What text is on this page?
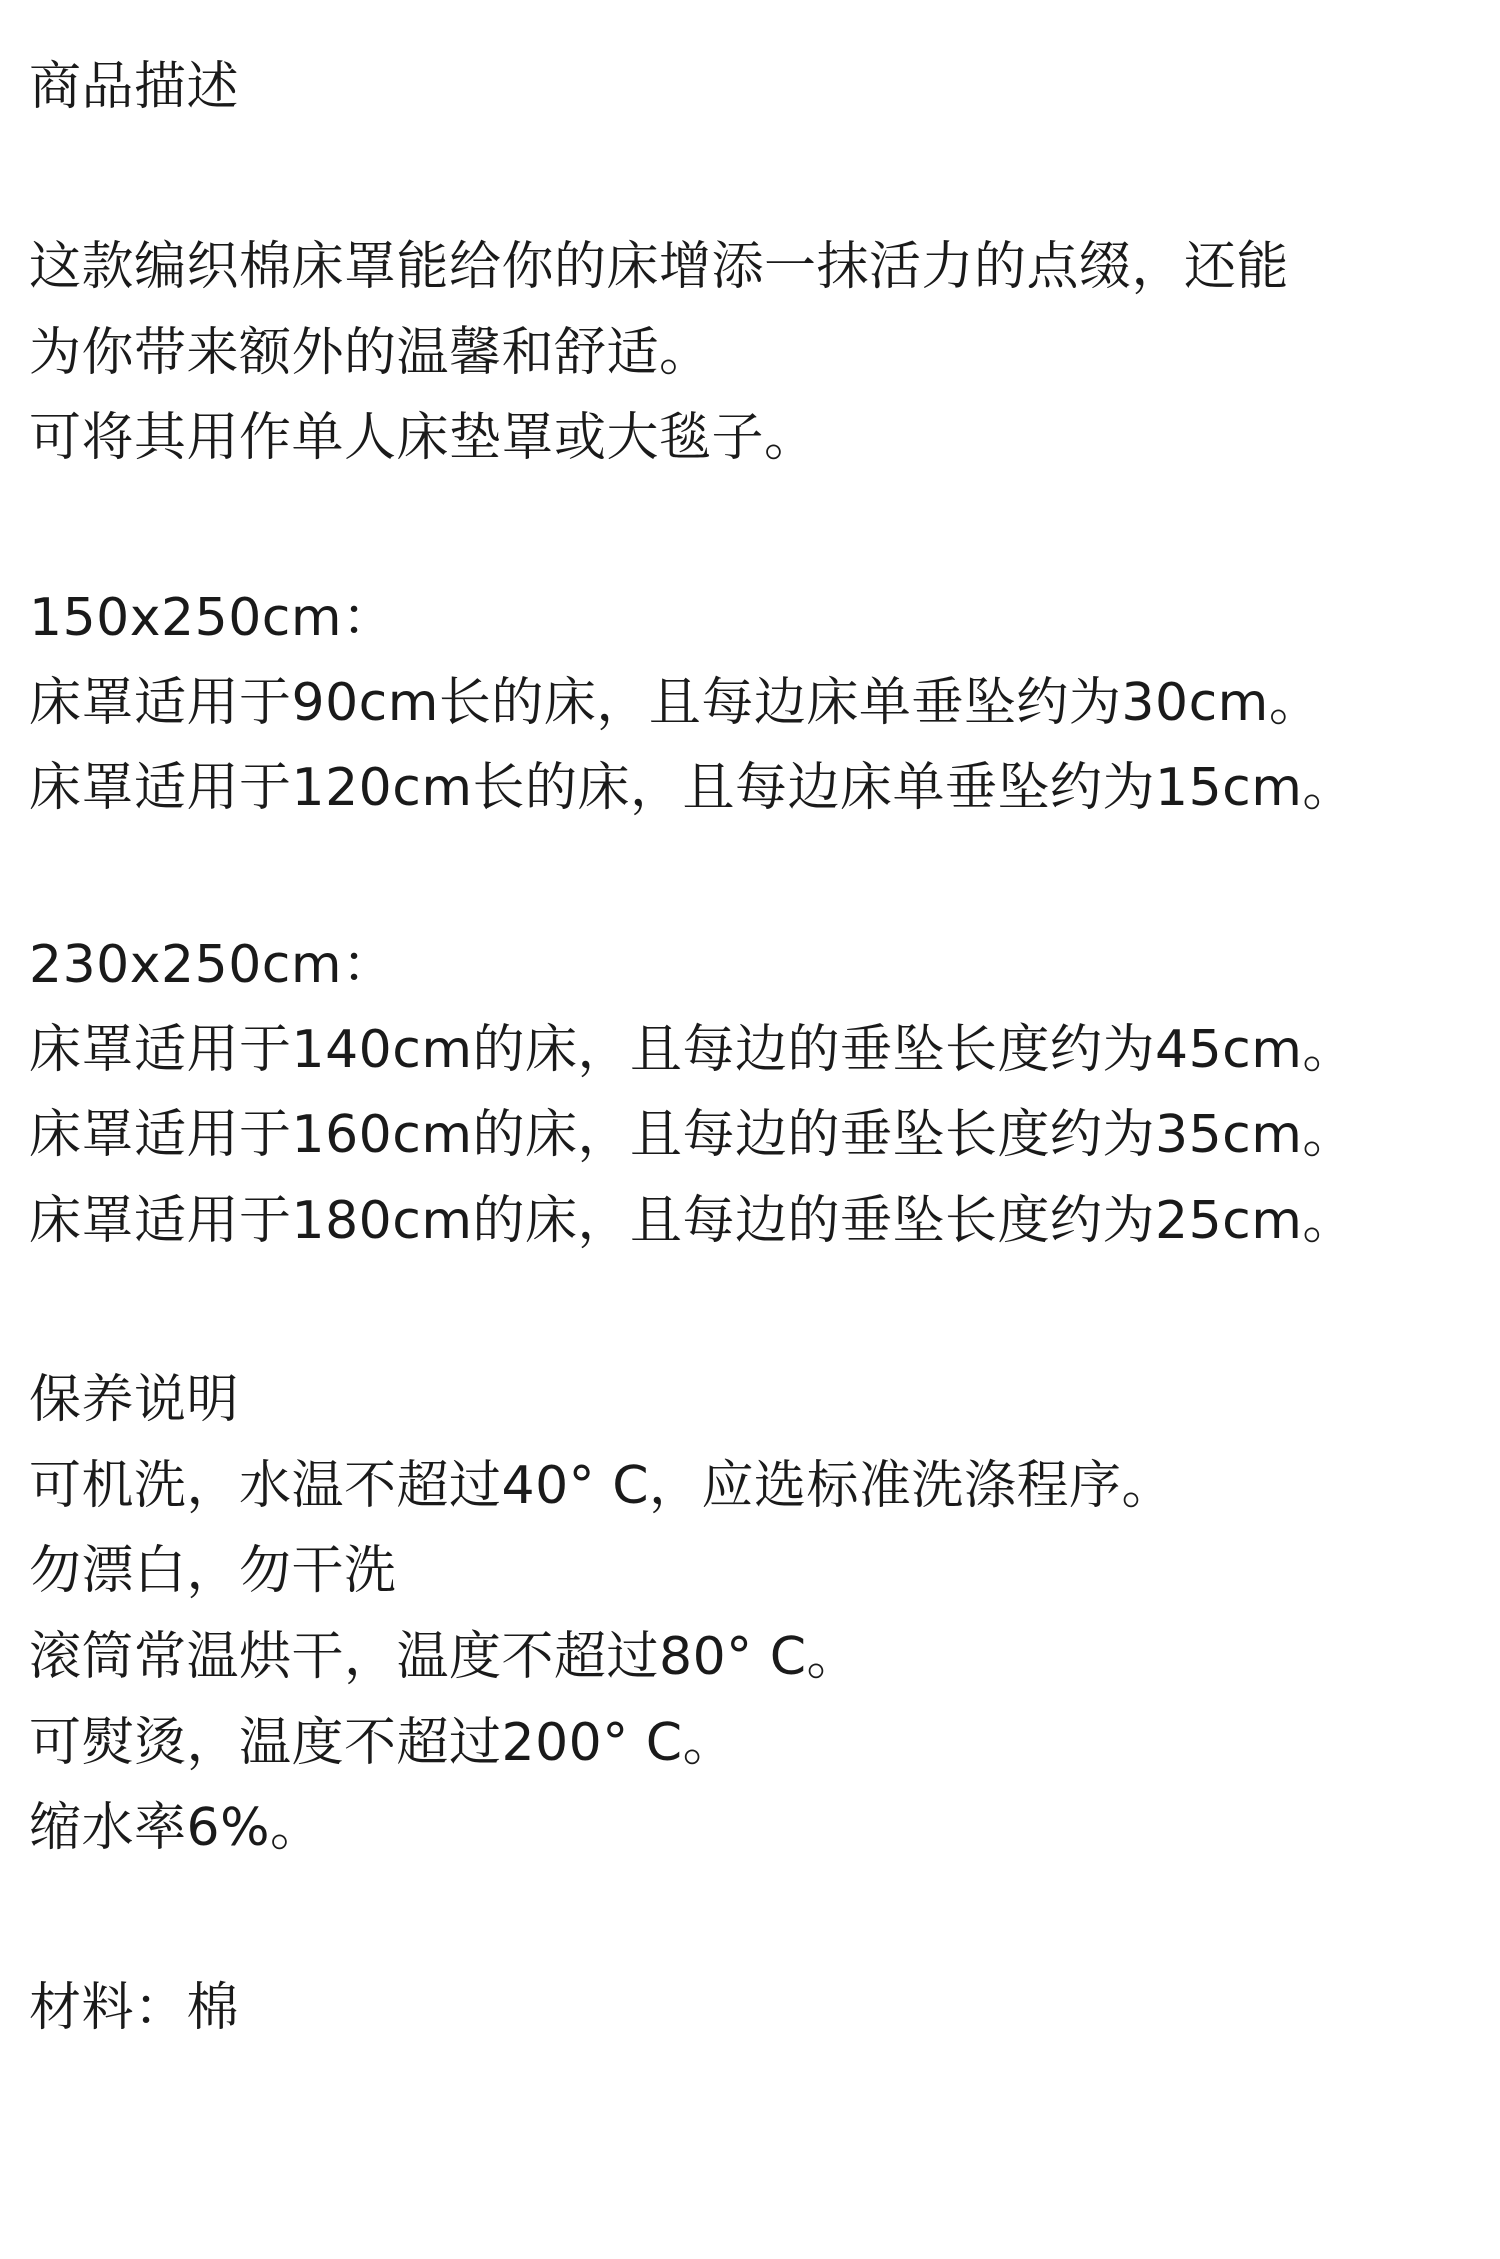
商品描述
这款编织棉床罩能给你的床增添一抹活力的点缀，还能
为你带来额外的温馨和舒适。
可将其用作单人床垫罩或大毯子。
150x250cm：
床罩适用于90cm长的床，且每边床单垂坠约为30cm。
床罩适用于120cm长的床，且每边床单垂坠约为15cm。
230x250cm：
床罩适用于140cm的床，且每边的垂坠长度约为45cm。
床罩适用于160cm的床，且每边的垂坠长度约为35cm。
床罩适用于180cm的床，且每边的垂坠长度约为25cm。
保养说明
可机洗，水温不超过40° C，应选标准洗涤程序。
勿漂白，勿干洗
滚筒常温烘干，温度不超过80° C。
可熨烫，温度不超过200° C。
缩水率6%。
材料：棉
